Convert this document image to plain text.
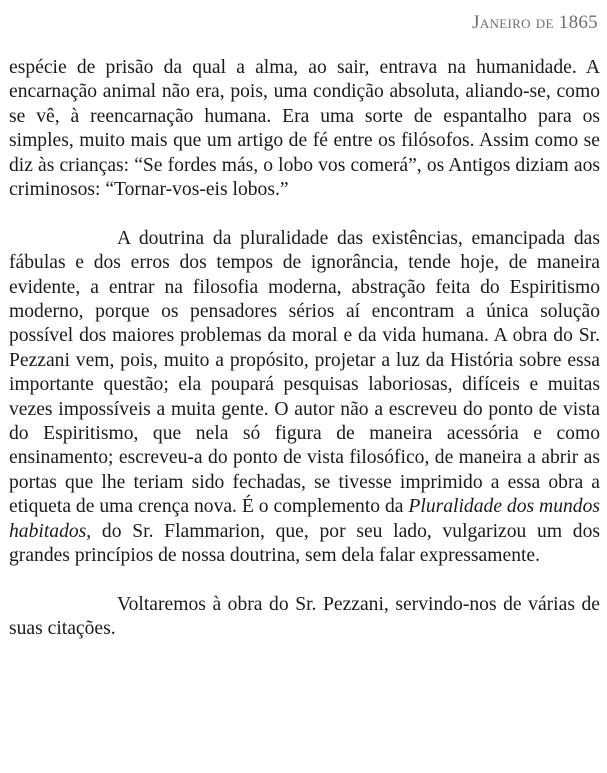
Janeiro de 1865

espécie de prisão da qual a alma, ao sair, entrava na humanidade. A encarnação animal não era, pois, uma condição absoluta, aliando-se, como se vê, à reencarnação humana. Era uma sorte de espantalho para os simples, muito mais que um artigo de fé entre os filósofos. Assim como se diz às crianças: “Se fordes más, o lobo vos comerá”, os Antigos diziam aos criminosos: “Tornar-vos-eis lobos.”

A doutrina da pluralidade das existências, emancipada das fábulas e dos erros dos tempos de ignorância, tende hoje, de maneira evidente, a entrar na filosofia moderna, abstração feita do Espiritismo moderno, porque os pensadores sérios aí encontram a única solução possível dos maiores problemas da moral e da vida humana. A obra do Sr. Pezzani vem, pois, muito a propósito, projetar a luz da História sobre essa importante questão; ela poupará pesquisas laboriosas, difíceis e muitas vezes impossíveis a muita gente. O autor não a escreveu do ponto de vista do Espiritismo, que nela só figura de maneira acessória e como ensinamento; escreveu-a do ponto de vista filosófico, de maneira a abrir as portas que lhe teriam sido fechadas, se tivesse imprimido a essa obra a etiqueta de uma crença nova. É o complemento da Pluralidade dos mundos habitados, do Sr. Flammarion, que, por seu lado, vulgarizou um dos grandes princípios de nossa doutrina, sem dela falar expressamente.

Voltaremos à obra do Sr. Pezzani, servindo-nos de várias de suas citações.
